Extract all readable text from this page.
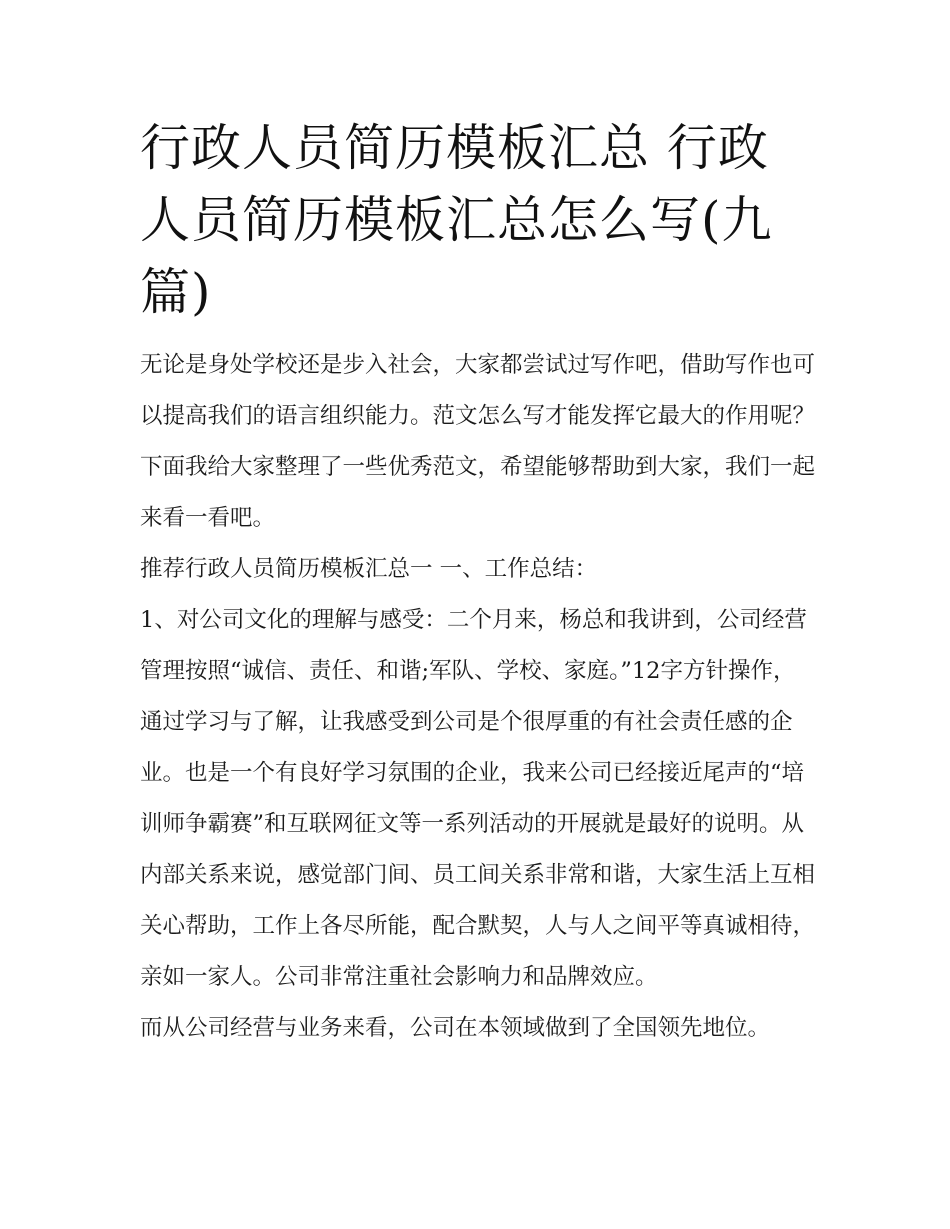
行政人员简历模板汇总 行政人员简历模板汇总怎么写(九篇)

无论是身处学校还是步入社会，大家都尝试过写作吧，借助写作也可以提高我们的语言组织能力。范文怎么写才能发挥它最大的作用呢？下面我给大家整理了一些优秀范文，希望能够帮助到大家，我们一起来看一看吧。

推荐行政人员简历模板汇总一 一、工作总结：

1、对公司文化的理解与感受：二个月来，杨总和我讲到，公司经营管理按照“诚信、责任、和谐;军队、学校、家庭。”12字方针操作，通过学习与了解，让我感受到公司是个很厚重的有社会责任感的企业。也是一个有良好学习氛围的企业，我来公司已经接近尾声的“培训师争霸赛”和互联网征文等一系列活动的开展就是最好的说明。从内部关系来说，感觉部门间、员工间关系非常和谐，大家生活上互相关心帮助，工作上各尽所能，配合默契，人与人之间平等真诚相待，亲如一家人。公司非常注重社会影响力和品牌效应。

而从公司经营与业务来看，公司在本领域做到了全国领先地位。
